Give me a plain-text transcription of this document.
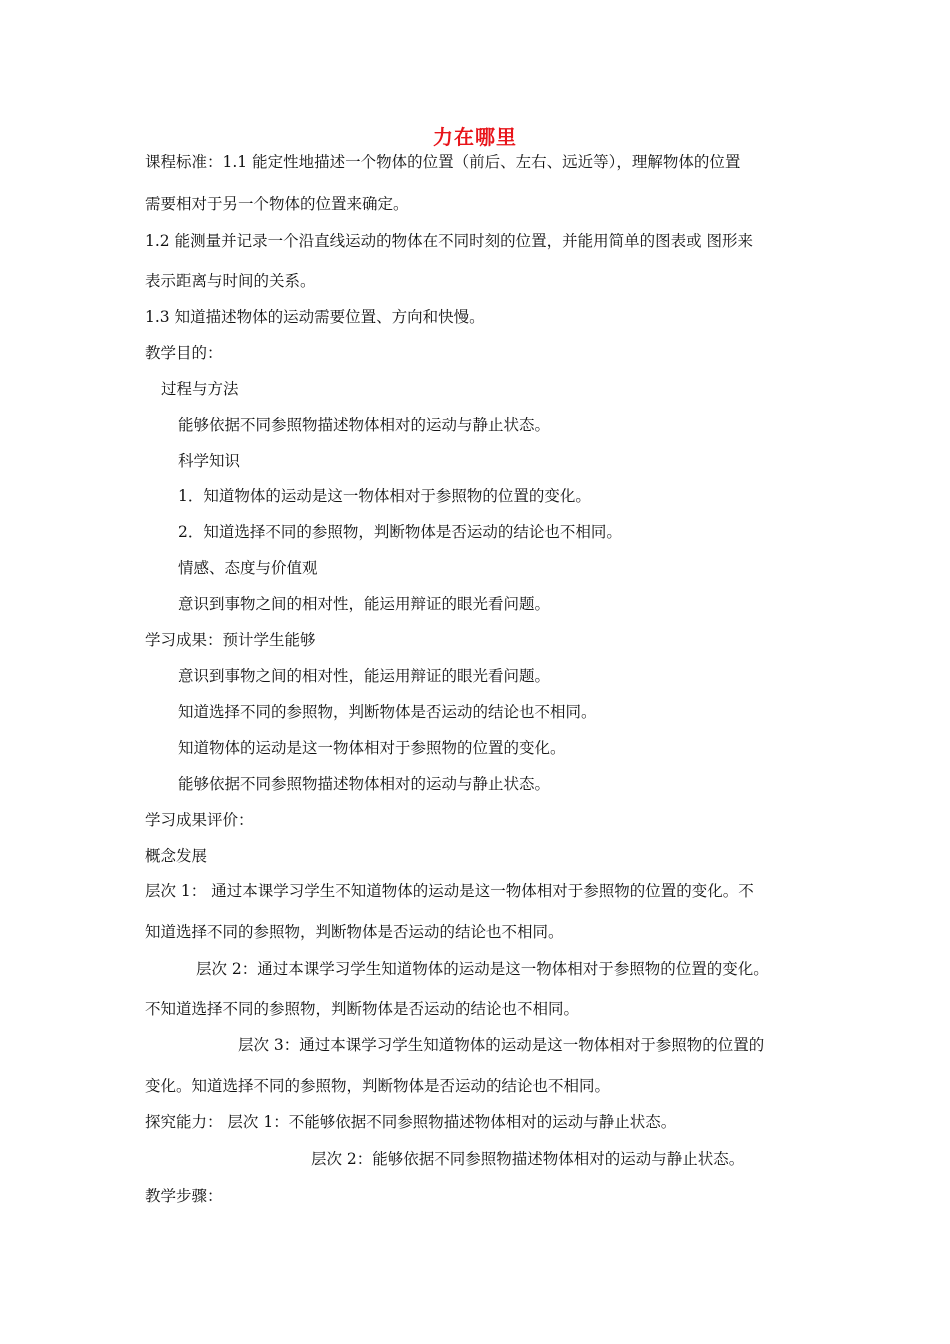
力在哪里
课程标准：1.1 能定性地描述一个物体的位置（前后、左右、远近等），理解物体的位置
需要相对于另一个物体的位置来确定。
1.2 能测量并记录一个沿直线运动的物体在不同时刻的位置，并能用简单的图表或 图形来
表示距离与时间的关系。
1.3 知道描述物体的运动需要位置、方向和快慢。
教学目的：
过程与方法
能够依据不同参照物描述物体相对的运动与静止状态。
科学知识
1．知道物体的运动是这一物体相对于参照物的位置的变化。
2．知道选择不同的参照物，判断物体是否运动的结论也不相同。
情感、态度与价值观
意识到事物之间的相对性，能运用辩证的眼光看问题。
学习成果：预计学生能够
意识到事物之间的相对性，能运用辩证的眼光看问题。
知道选择不同的参照物，判断物体是否运动的结论也不相同。
知道物体的运动是这一物体相对于参照物的位置的变化。
能够依据不同参照物描述物体相对的运动与静止状态。
学习成果评价：
概念发展
层次 1： 通过本课学习学生不知道物体的运动是这一物体相对于参照物的位置的变化。不
知道选择不同的参照物，判断物体是否运动的结论也不相同。
层次 2：通过本课学习学生知道物体的运动是这一物体相对于参照物的位置的变化。
不知道选择不同的参照物，判断物体是否运动的结论也不相同。
层次 3：通过本课学习学生知道物体的运动是这一物体相对于参照物的位置的
变化。知道选择不同的参照物，判断物体是否运动的结论也不相同。
探究能力： 层次 1：不能够依据不同参照物描述物体相对的运动与静止状态。
层次 2：能够依据不同参照物描述物体相对的运动与静止状态。
教学步骤：
